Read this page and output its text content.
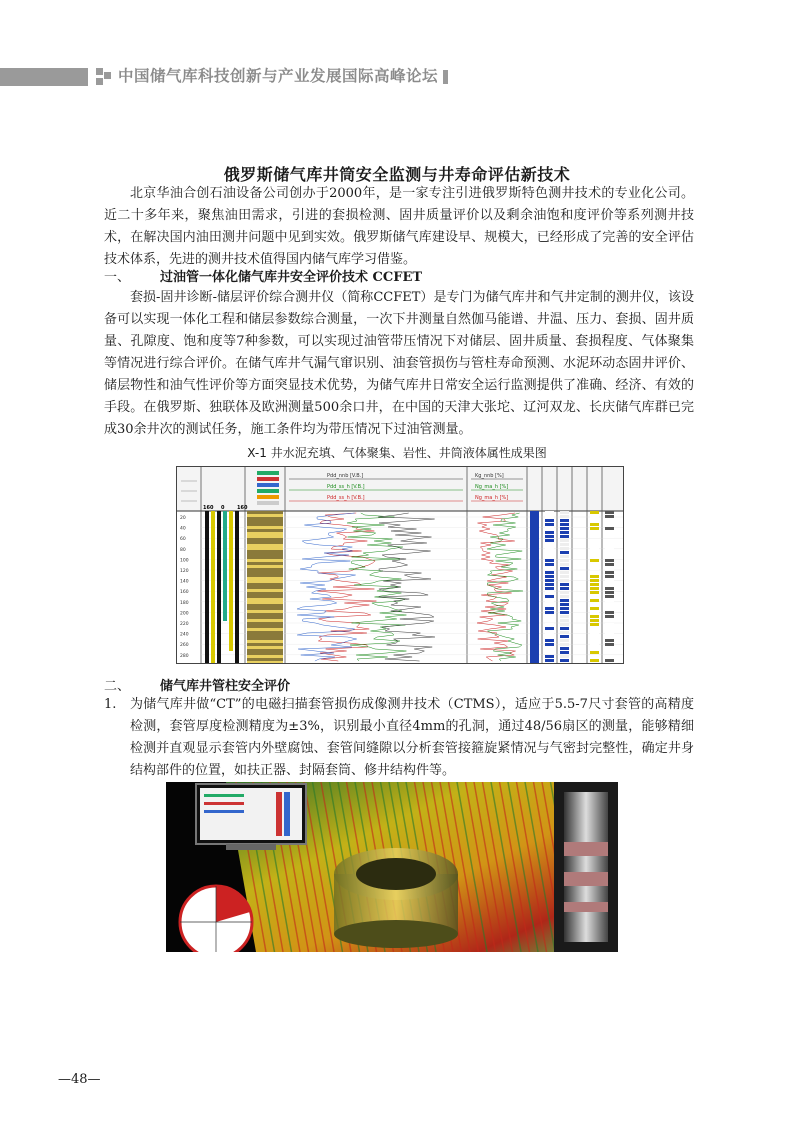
中国储气库科技创新与产业发展国际高峰论坛
俄罗斯储气库井筒安全监测与井寿命评估新技术

北京华油合创石油设备公司创办于2000年，是一家专注引进俄罗斯特色测井技术的专业化公司。近二十多年来，聚焦油田需求，引进的套损检测、固井质量评价以及剩余油饱和度评价等系列测井技术，在解决国内油田测井问题中见到实效。俄罗斯储气库建设早、规模大，已经形成了完善的安全评估技术体系，先进的测井技术值得国内储气库学习借鉴。

一、 过油管一体化储气库井安全评价技术 CCFET

套损-固井诊断-储层评价综合测井仪（简称CCFET）是专门为储气库井和气井定制的测井仪，该设备可以实现一体化工程和储层参数综合测量，一次下井测量自然伽马能谱、井温、压力、套损、固井质量、孔隙度、饱和度等7种参数，可以实现过油管带压情况下对储层、固井质量、套损程度、气体聚集等情况进行综合评价。在储气库井气漏气窜识别、油套管损伤与管柱寿命预测、水泥环动态固井评价、储层物性和油气性评价等方面突显技术优势，为储气库井日常安全运行监测提供了准确、经济、有效的手段。在俄罗斯、独联体及欧洲测量500余口井，在中国的天津大张坨、辽河双龙、长庆储气库群已完成30余井次的测试任务，施工条件均为带压情况下过油管测量。

X-1 井水泥充填、气体聚集、岩性、井筒液体属性成果图
20
40
60
80
100
120
140
160
180
200
220
240
260
280
160 0	160
Pdd_nnb [V.B.]
Pdd_ss_h [V.B.]
Pdd_ss_h [V.B.]
Kg_nnb [%]
Ng_ma_h [%]
Ng_ma_h [%]
二、 储气库井管柱安全评价
1. 为储气库井做“CT”的电磁扫描套管损伤成像测井技术（CTMS），适应于5.5-7尺寸套管的高精度检测，套管厚度检测精度为±3%，识别最小直径4mm的孔洞，通过48/56扇区的测量，能够精细检测并直观显示套管内外壁腐蚀、套管间缝隙以分析套管接箍旋紧情况与气密封完整性，确定井身结构部件的位置，如扶正器、封隔套筒、修井结构件等。
—48—
